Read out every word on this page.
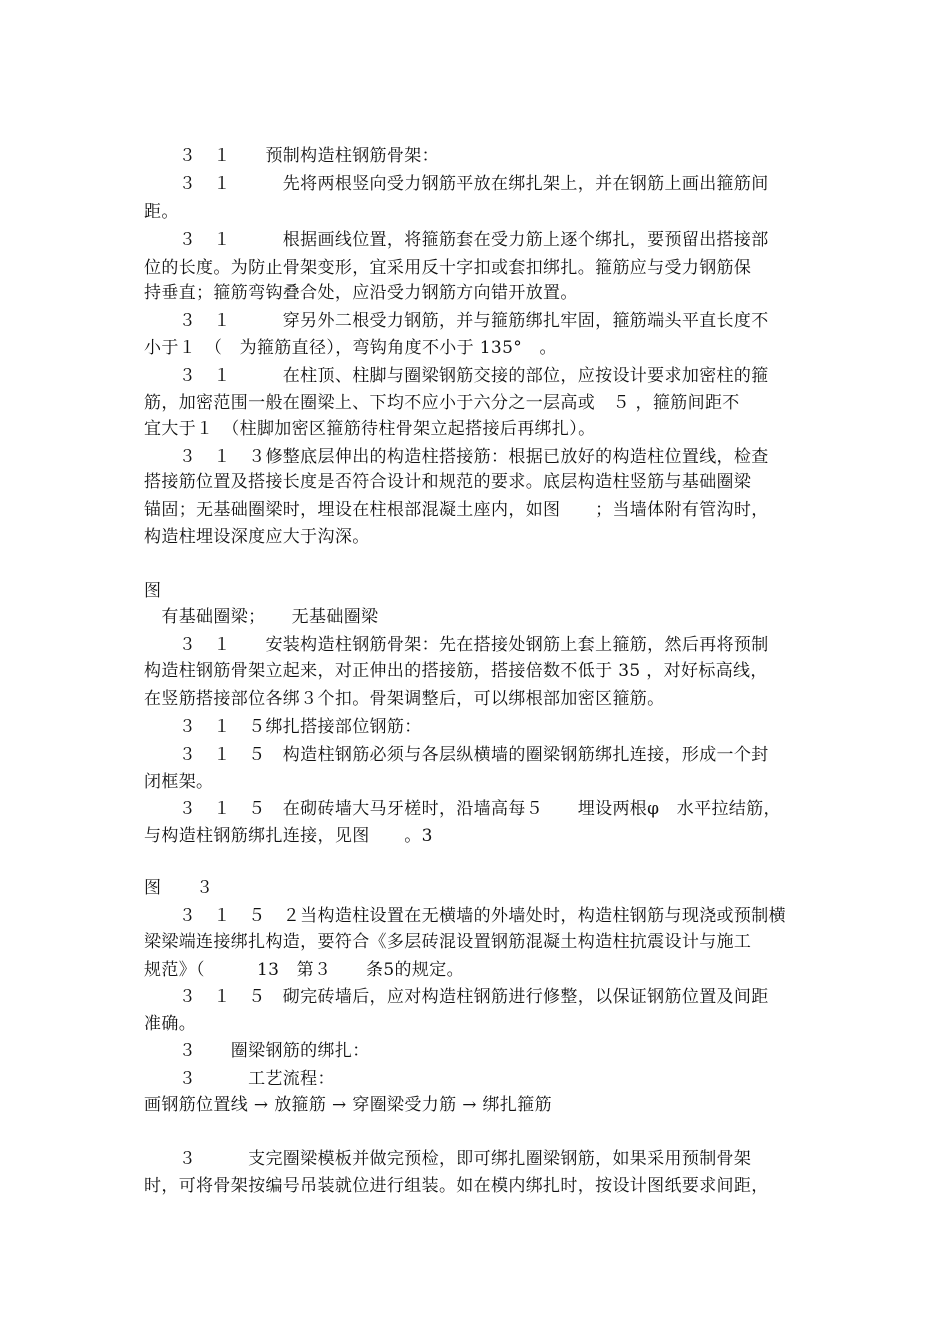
　　３　１　　预制构造柱钢筋骨架：
　　３　１　　　先将两根竖向受力钢筋平放在绑扎架上，并在钢筋上画出箍筋间
距。
　　３　１　　　根据画线位置，将箍筋套在受力筋上逐个绑扎，要预留出搭接部
位的长度。为防止骨架变形，宜采用反十字扣或套扣绑扎。箍筋应与受力钢筋保
持垂直；箍筋弯钩叠合处，应沿受力钢筋方向错开放置。
　　３　１　　　穿另外二根受力钢筋，并与箍筋绑扎牢固，箍筋端头平直长度不
小于１　（　为箍筋直径），弯钩角度不小于 135°　。
　　３　１　　　在柱顶、柱脚与圈梁钢筋交接的部位，应按设计要求加密柱的箍
筋，加密范围一般在圈梁上、下均不应小于六分之一层高或　５ ，箍筋间距不
宜大于１　（柱脚加密区箍筋待柱骨架立起搭接后再绑扎）。
　　３　１　３修整底层伸出的构造柱搭接筋：根据已放好的构造柱位置线，检查
搭接筋位置及搭接长度是否符合设计和规范的要求。底层构造柱竖筋与基础圈梁
锚固；无基础圈梁时，埋设在柱根部混凝土座内，如图　　；当墙体附有管沟时，
构造柱埋设深度应大于沟深。
图
　有基础圈梁；　　无基础圈梁
　　３　１　　安装构造柱钢筋骨架：先在搭接处钢筋上套上箍筋，然后再将预制
构造柱钢筋骨架立起来，对正伸出的搭接筋，搭接倍数不低于 35 ，对好标高线，
在竖筋搭接部位各绑３个扣。骨架调整后，可以绑根部加密区箍筋。
　　３　１　５绑扎搭接部位钢筋：
　　３　１　５　构造柱钢筋必须与各层纵横墙的圈梁钢筋绑扎连接，形成一个封
闭框架。
　　３　１　５　在砌砖墙大马牙槎时，沿墙高每５　　埋设两根φ　水平拉结筋，
与构造柱钢筋绑扎连接，见图　　。3
图　　３
　　３　１　５　２当构造柱设置在无横墙的外墙处时，构造柱钢筋与现浇或预制横
梁梁端连接绑扎构造，要符合《多层砖混设置钢筋混凝土构造柱抗震设计与施工
规范》（　　　13　第３　　条5的规定。
　　３　１　５　砌完砖墙后，应对构造柱钢筋进行修整，以保证钢筋位置及间距
准确。
　　３　　圈梁钢筋的绑扎：
　　３　　　工艺流程：
画钢筋位置线 → 放箍筋 → 穿圈梁受力筋 → 绑扎箍筋
　　３　　　支完圈梁模板并做完预检，即可绑扎圈梁钢筋，如果采用预制骨架
时，可将骨架按编号吊装就位进行组装。如在模内绑扎时，按设计图纸要求间距，
